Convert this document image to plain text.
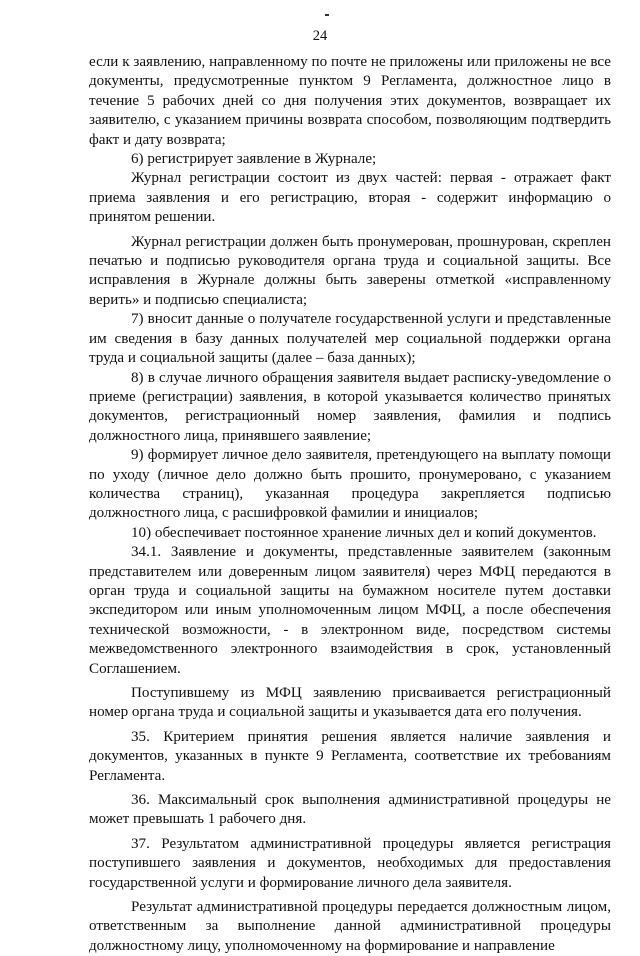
24

если к заявлению, направленному по почте не приложены или приложены не все документы, предусмотренные пунктом 9 Регламента, должностное лицо в течение 5 рабочих дней со дня получения этих документов, возвращает их заявителю, с указанием причины возврата способом, позволяющим подтвердить факт и дату возврата;

6) регистрирует заявление в Журнале;

Журнал регистрации состоит из двух частей: первая - отражает факт приема заявления и его регистрацию, вторая - содержит информацию о принятом решении.

Журнал регистрации должен быть пронумерован, прошнурован, скреплен печатью и подписью руководителя органа труда и социальной защиты. Все исправления в Журнале должны быть заверены отметкой «исправленному верить» и подписью специалиста;

7) вносит данные о получателе государственной услуги и представленные им сведения в базу данных получателей мер социальной поддержки органа труда и социальной защиты (далее – база данных);

8) в случае личного обращения заявителя выдает расписку-уведомление о приеме (регистрации) заявления, в которой указывается количество принятых документов, регистрационный номер заявления, фамилия и подпись должностного лица, принявшего заявление;

9) формирует личное дело заявителя, претендующего на выплату помощи по уходу (личное дело должно быть прошито, пронумеровано, с указанием количества страниц), указанная процедура закрепляется подписью должностного лица, с расшифровкой фамилии и инициалов;

10) обеспечивает постоянное хранение личных дел и копий документов.

34.1. Заявление и документы, представленные заявителем (законным представителем или доверенным лицом заявителя) через МФЦ передаются в орган труда и социальной защиты на бумажном носителе путем доставки экспедитором или иным уполномоченным лицом МФЦ, а после обеспечения технической возможности, - в электронном виде, посредством системы межведомственного электронного взаимодействия в срок, установленный Соглашением.

Поступившему из МФЦ заявлению присваивается регистрационный номер органа труда и социальной защиты и указывается дата его получения.

35. Критерием принятия решения является наличие заявления и документов, указанных в пункте 9 Регламента, соответствие их требованиям Регламента.

36. Максимальный срок выполнения административной процедуры не может превышать 1 рабочего дня.

37. Результатом административной процедуры является регистрация поступившего заявления и документов, необходимых для предоставления государственной услуги и формирование личного дела заявителя.

Результат административной процедуры передается должностным лицом, ответственным за выполнение данной административной процедуры должностному лицу, уполномоченному на формирование и направление
